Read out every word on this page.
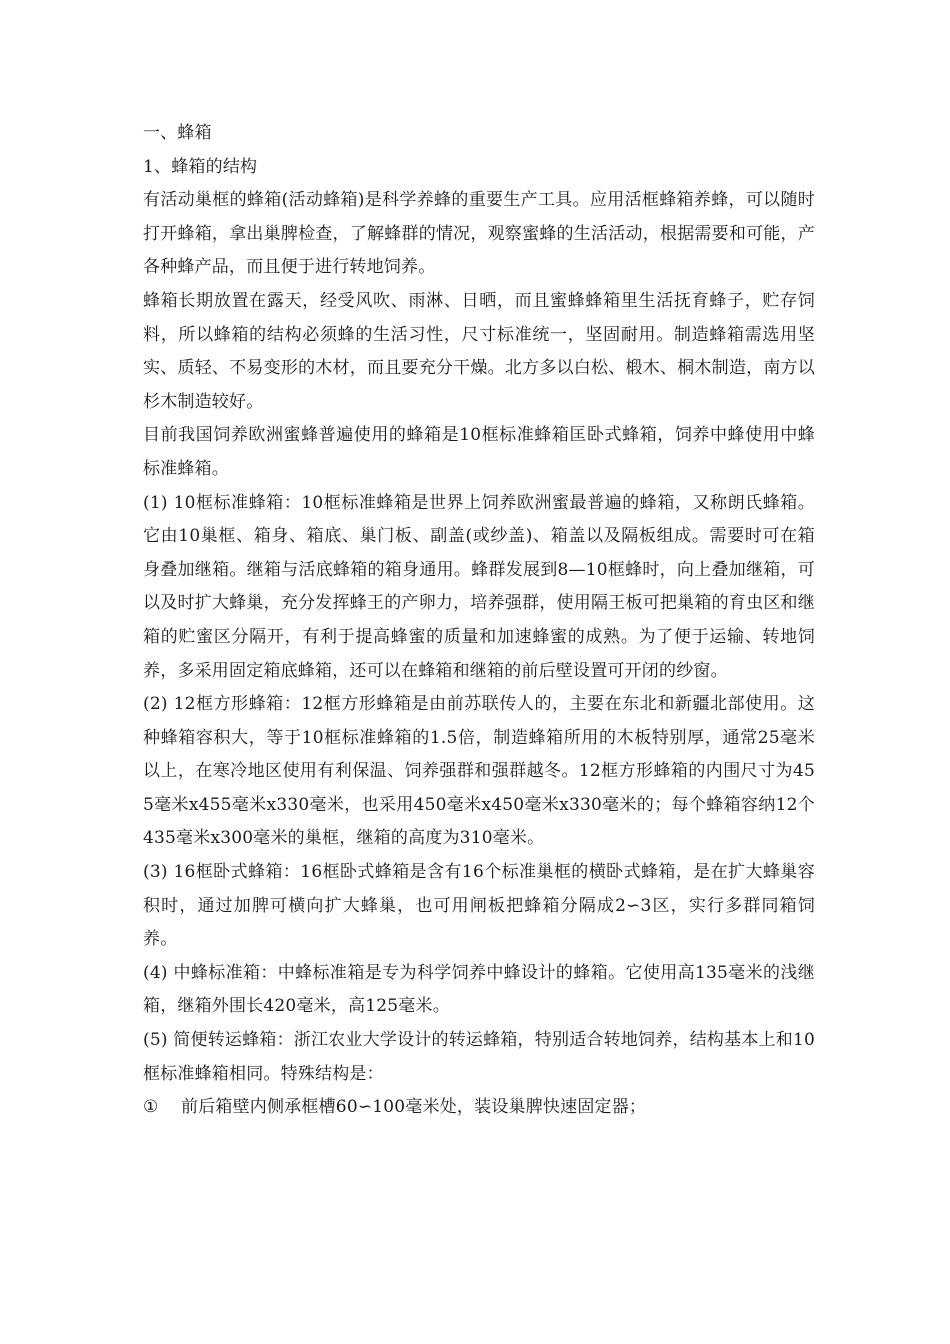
一、蜂箱

1、蜂箱的结构

有活动巢框的蜂箱(活动蜂箱)是科学养蜂的重要生产工具。应用活框蜂箱养蜂，可以随时打开蜂箱，拿出巢脾检查，了解蜂群的情况，观察蜜蜂的生活活动，根据需要和可能，产各种蜂产品，而且便于进行转地饲养。

蜂箱长期放置在露天，经受风吹、雨淋、日晒，而且蜜蜂蜂箱里生活抚育蜂子，贮存饲料，所以蜂箱的结构必须蜂的生活习性，尺寸标准统一，坚固耐用。制造蜂箱需选用坚实、质轻、不易变形的木材，而且要充分干燥。北方多以白松、椴木、桐木制造，南方以杉木制造较好。

目前我国饲养欧洲蜜蜂普遍使用的蜂箱是10框标准蜂箱匡卧式蜂箱，饲养中蜂使用中蜂标准蜂箱。

(1) 10框标准蜂箱：10框标准蜂箱是世界上饲养欧洲蜜最普遍的蜂箱，又称朗氏蜂箱。它由10巢框、箱身、箱底、巢门板、副盖(或纱盖)、箱盖以及隔板组成。需要时可在箱身叠加继箱。继箱与活底蜂箱的箱身通用。蜂群发展到8—10框蜂时，向上叠加继箱，可以及时扩大蜂巢，充分发挥蜂王的产卵力，培养强群，使用隔王板可把巢箱的育虫区和继箱的贮蜜区分隔开，有利于提高蜂蜜的质量和加速蜂蜜的成熟。为了便于运输、转地饲养，多采用固定箱底蜂箱，还可以在蜂箱和继箱的前后壁设置可开闭的纱窗。

(2) 12框方形蜂箱：12框方形蜂箱是由前苏联传人的，主要在东北和新疆北部使用。这种蜂箱容积大，等于10框标准蜂箱的1.5倍，制造蜂箱所用的木板特别厚，通常25毫米以上，在寒冷地区使用有利保温、饲养强群和强群越冬。12框方形蜂箱的内围尺寸为455毫米x455毫米x330毫米，也采用450毫米x450毫米x330毫米的；每个蜂箱容纳12个435毫米x300毫米的巢框，继箱的高度为310毫米。

(3) 16框卧式蜂箱：16框卧式蜂箱是含有16个标准巢框的横卧式蜂箱，是在扩大蜂巢容积时，通过加脾可横向扩大蜂巢，也可用闸板把蜂箱分隔成2∽3区，实行多群同箱饲养。

(4) 中蜂标准箱：中蜂标准箱是专为科学饲养中蜂设计的蜂箱。它使用高135毫米的浅继箱，继箱外围长420毫米，高125毫米。

(5) 简便转运蜂箱：浙江农业大学设计的转运蜂箱，特别适合转地饲养，结构基本上和10框标准蜂箱相同。特殊结构是：

①	前后箱壁内侧承框槽60∽100毫米处，装设巢脾快速固定器；
